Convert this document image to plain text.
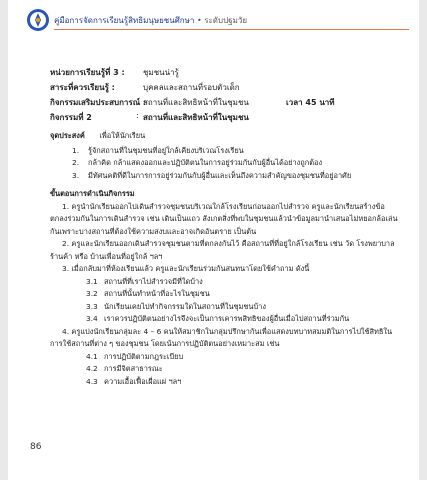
คู่มือการจัดการเรียนรู้สิทธิมนุษยชนศึกษา • ระดับปฐมวัย
หน่วยการเรียนรู้ที่ 3 : ชุมชนน่ารู้
สาระที่ควรเรียนรู้ :	บุคคลและสถานที่รอบตัวเด็ก
กิจกรรมเสริมประสบการณ์ :
สถานที่และสิทธิหน้าที่ในชุมชน	เวลา 45 นาที
กิจกรรมที่ 2	: สถานที่และสิทธิหน้าที่ในชุมชน
จุดประสงค์ เพื่อให้นักเรียน
1. รู้จักสถานที่ในชุมชนที่อยู่ใกล้เคียงบริเวณโรงเรียน
2. กล้าคิด กล้าแสดงออกและปฏิบัติตนในการอยู่ร่วมกันกับผู้อื่นได้อย่างถูกต้อง
3. มีทัศนคติที่ดีในการการอยู่ร่วมกันกับผู้อื่นและเห็นถึงความสำคัญของชุมชนที่อยู่อาศัย
ขั้นตอนการดำเนินกิจกรรม

1. ครูนำนักเรียนออกไปเดินสำรวจชุมชนบริเวณใกล้โรงเรียนก่อนออกไปสำรวจ ครูและนักเรียนสร้างข้อตกลงร่วมกันในการเดินสำรวจ เช่น เดินเป็นแถว สังเกตสิ่งที่พบในชุมชนแล้วนำข้อมูลมานำเสนอไม่หยอกล้อเล่นกันเพราะบางสถานที่ต้องใช้ความสงบและอาจเกิดอันตราย เป็นต้น

2. ครูและนักเรียนออกเดินสำรวจชุมชนตามที่ตกลงกันไว้ คือสถานที่ที่อยู่ใกล้โรงเรียน เช่น วัด โรงพยาบาล ร้านค้า หรือ บ้านเพื่อนที่อยู่ใกล้ ฯลฯ

3. เมื่อกลับมาที่ห้องเรียนแล้ว ครูและนักเรียนร่วมกันสนทนาโดยใช้คำถาม ดังนี้

3.1 สถานที่ที่เราไปสำรวจมีที่ใดบ้าง
3.2 สถานที่นั้นทำหน้าที่อะไรในชุมชน
3.3 นักเรียนเคยไปทำกิจกรรมใดในสถานที่ในชุมชนบ้าง
3.4 เราควรปฏิบัติตนอย่างไรจึงจะเป็นการเคารพสิทธิของผู้อื่นเมื่อไปสถานที่ร่วมกัน

4. ครูแบ่งนักเรียนกลุ่มละ 4 – 6 คนให้สมาชิกในกลุ่มปรึกษากันเพื่อแสดงบทบาทสมมติในการไปใช้สิทธิในการใช้สถานที่ต่าง ๆ ของชุมชน โดยเน้นการปฏิบัติตนอย่างเหมาะสม เช่น

4.1 การปฏิบัติตามกฎระเบียบ
4.2 การมีจิตสาธารณะ
4.3 ความเอื้อเฟื้อเผื่อแผ่ ฯลฯ
86
